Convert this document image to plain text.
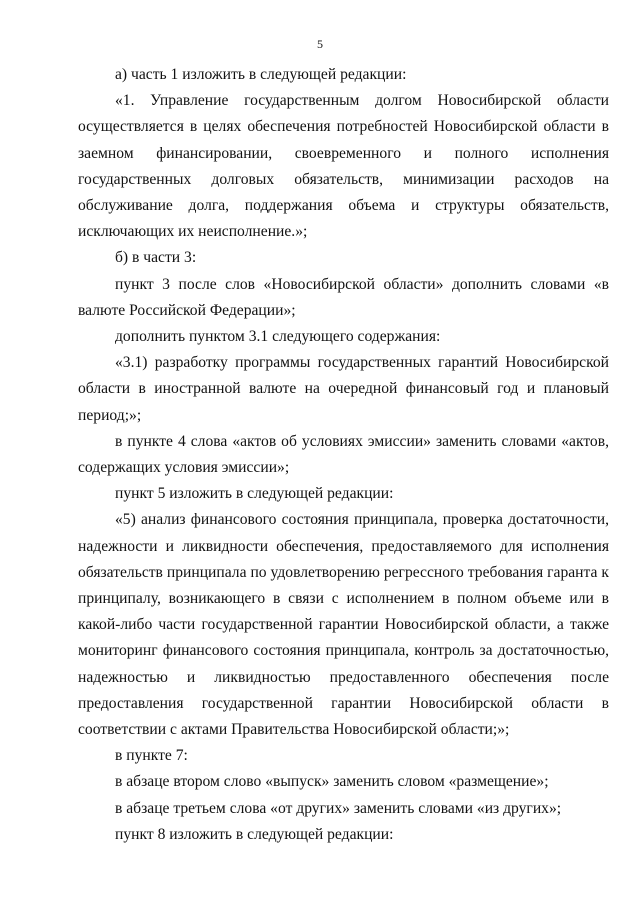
5

а) часть 1 изложить в следующей редакции:

«1. Управление государственным долгом Новосибирской области осуществляется в целях обеспечения потребностей Новосибирской области в заемном финансировании, своевременного и полного исполнения государственных долговых обязательств, минимизации расходов на обслуживание долга, поддержания объема и структуры обязательств, исключающих их неисполнение.»;

б) в части 3:

пункт 3 после слов «Новосибирской области» дополнить словами «в валюте Российской Федерации»;

дополнить пунктом 3.1 следующего содержания:

«3.1) разработку программы государственных гарантий Новосибирской области в иностранной валюте на очередной финансовый год и плановый период;»;

в пункте 4 слова «актов об условиях эмиссии» заменить словами «актов, содержащих условия эмиссии»;

пункт 5 изложить в следующей редакции:

«5) анализ финансового состояния принципала, проверка достаточности, надежности и ликвидности обеспечения, предоставляемого для исполнения обязательств принципала по удовлетворению регрессного требования гаранта к принципалу, возникающего в связи с исполнением в полном объеме или в какой-либо части государственной гарантии Новосибирской области, а также мониторинг финансового состояния принципала, контроль за достаточностью, надежностью и ликвидностью предоставленного обеспечения после предоставления государственной гарантии Новосибирской области в соответствии с актами Правительства Новосибирской области;»;

в пункте 7:

в абзаце втором слово «выпуск» заменить словом «размещение»;

в абзаце третьем слова «от других» заменить словами «из других»;

пункт 8 изложить в следующей редакции:
